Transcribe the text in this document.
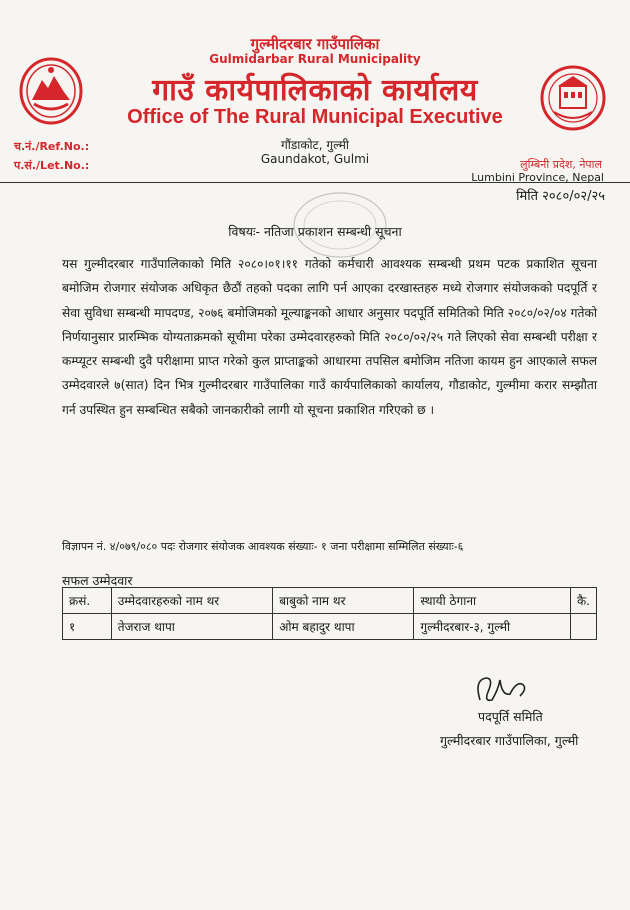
गुल्मीदरबार गाउँपालिका
Gulmidarbar Rural Municipality
गाउँ कार्यपालिकाको कार्यालय
Office of The Rural Municipal Executive
गौंडाकोट, गुल्मी
Gaundakot, Gulmi
च.नं./Ref.No.:
प.सं./Let.No.:	लुम्बिनी प्रदेश, नेपाल
Lumbini Province, Nepal
मिति २०८०/०२/२५
विषयः- नतिजा प्रकाशन सम्बन्धी सूचना
यस गुल्मीदरबार गाउँपालिकाको मिति २०८०।०१।११ गतेको कर्मचारी आवश्यक सम्बन्धी प्रथम पटक प्रकाशित सूचना बमोजिम रोजगार संयोजक अधिकृत छैठौं तहको पदका लागि पर्न आएका दरखास्तहरु मध्ये रोजगार संयोजकको पदपूर्ति र सेवा सुविधा सम्बन्धी मापदण्ड, २०७६ बमोजिमको मूल्याङ्कनको आधार अनुसार पदपूर्ति समितिको मिति २०८०/०२/०४ गतेको निर्णयानुसार प्रारम्भिक योग्यताक्रमको सूचीमा परेका उम्मेदवारहरुको मिति २०८०/०२/२५ गते लिएको सेवा सम्बन्धी परीक्षा र कम्प्यूटर सम्बन्धी दुवै परीक्षामा प्राप्त गरेको कुल प्राप्ताङ्कको आधारमा तपसिल बमोजिम नतिजा कायम हुन आएकाले सफल उम्मेदवारले ७(सात) दिन भित्र गुल्मीदरबार गाउँपालिका गाउँ कार्यपालिकाको कार्यालय, गौडाकोट, गुल्मीमा करार सम्झौता गर्न उपस्थित हुन सम्बन्धित सबैको जानकारीको लागी यो सूचना प्रकाशित गरिएको छ ।
विज्ञापन नं. ४/०७९/०८० पदः रोजगार संयोजक आवश्यक संख्याः- १ जना परीक्षामा सम्मिलित संख्याः-६
सफल उम्मेदवार
क्रसं.	उम्मेदवारहरुको नाम थर	बाबुको नाम थर	स्थायी ठेगाना	कै.
१	तेजराज थापा	ओम बहादुर थापा	गुल्मीदरबार-३, गुल्मी	
पदपूर्ति समिति
गुल्मीदरबार गाउँपालिका, गुल्मी
